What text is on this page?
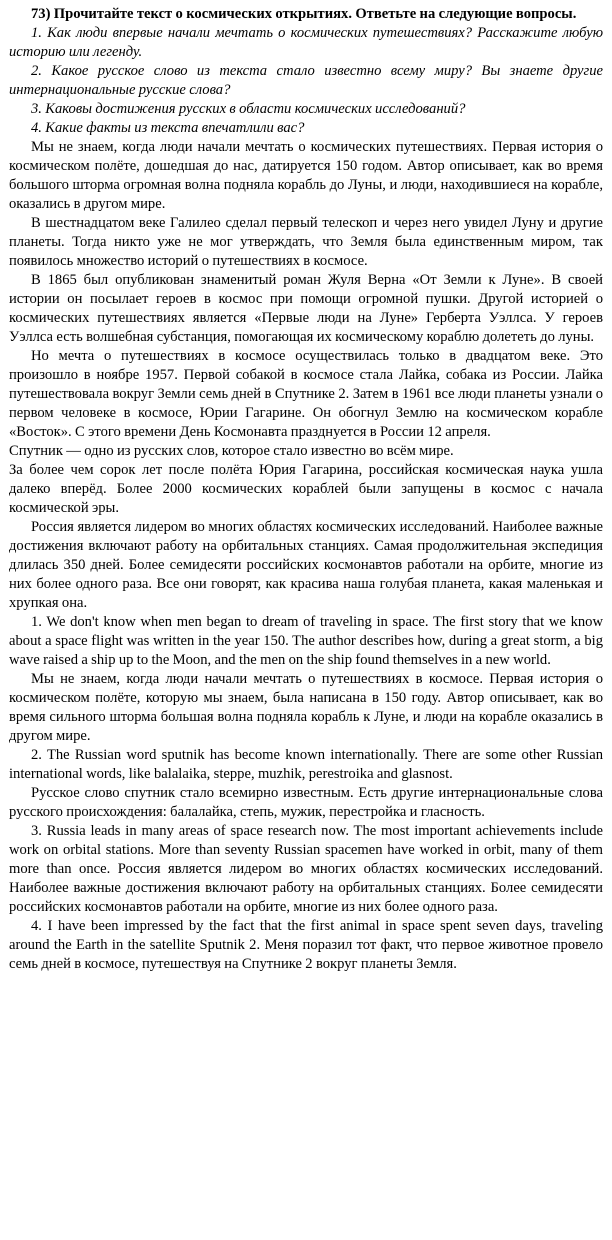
73) Прочитайте текст о космических открытиях. Ответьте на следующие вопросы.

1. Как люди впервые начали мечтать о космических путешествиях? Расскажите любую историю или легенду.

2. Какое русское слово из текста стало известно всему миру? Вы знаете другие интернациональные русские слова?

3. Каковы достижения русских в области космических исследований?

4. Какие факты из текста впечатлили вас?

Мы не знаем, когда люди начали мечтать о космических путешествиях. Первая история о космическом полёте, дошедшая до нас, датируется 150 годом. Автор описывает, как во время большого шторма огромная волна подняла корабль до Луны, и люди, находившиеся на корабле, оказались в другом мире.

В шестнадцатом веке Галилео сделал первый телескоп и через него увидел Луну и другие планеты. Тогда никто уже не мог утверждать, что Земля была единственным миром, так появилось множество историй о путешествиях в космосе.

В 1865 был опубликован знаменитый роман Жуля Верна «От Земли к Луне». В своей истории он посылает героев в космос при помощи огромной пушки. Другой историей о космических путешествиях является «Первые люди на Луне» Герберта Уэллса. У героев Уэллса есть волшебная субстанция, помогающая их космическому кораблю долететь до луны.

Но мечта о путешествиях в космосе осуществилась только в двадцатом веке. Это произошло в ноябре 1957. Первой собакой в космосе стала Лайка, собака из России. Лайка путешествовала вокруг Земли семь дней в Спутнике 2. Затем в 1961 все люди планеты узнали о первом человеке в космосе, Юрии Гагарине. Он обогнул Землю на космическом корабле «Восток». С этого времени День Космонавта празднуется в России 12 апреля.

Спутник — одно из русских слов, которое стало известно во всём мире.

За более чем сорок лет после полёта Юрия Гагарина, российская космическая наука ушла далеко вперёд. Более 2000 космических кораблей были запущены в космос с начала космической эры.

Россия является лидером во многих областях космических исследований. Наиболее важные достижения включают работу на орбитальных станциях. Самая продолжительная экспедиция длилась 350 дней. Более семидесяти российских космонавтов работали на орбите, многие из них более одного раза. Все они говорят, как красива наша голубая планета, какая маленькая и хрупкая она.

1. We don't know when men began to dream of traveling in space. The first story that we know about a space flight was written in the year 150. The author describes how, during a great storm, a big wave raised a ship up to the Moon, and the men on the ship found themselves in a new world.

Мы не знаем, когда люди начали мечтать о путешествиях в космосе. Первая история о космическом полёте, которую мы знаем, была написана в 150 году. Автор описывает, как во время сильного шторма большая волна подняла корабль к Луне, и люди на корабле оказались в другом мире.

2. The Russian word sputnik has become known internationally. There are some other Russian international words, like balalaika, steppe, muzhik, perestroika and glasnost.

Русское слово спутник стало всемирно известным. Есть другие интернациональные слова русского происхождения: балалайка, степь, мужик, перестройка и гласность.

3. Russia leads in many areas of space research now. The most important achievements include work on orbital stations. More than seventy Russian spacemen have worked in orbit, many of them more than once. Россия является лидером во многих областях космических исследований. Наиболее важные достижения включают работу на орбитальных станциях. Более семидесяти российских космонавтов работали на орбите, многие из них более одного раза.

4. I have been impressed by the fact that the first animal in space spent seven days, traveling around the Earth in the satellite Sputnik 2. Меня поразил тот факт, что первое животное провело семь дней в космосе, путешествуя на Спутнике 2 вокруг планеты Земля.
